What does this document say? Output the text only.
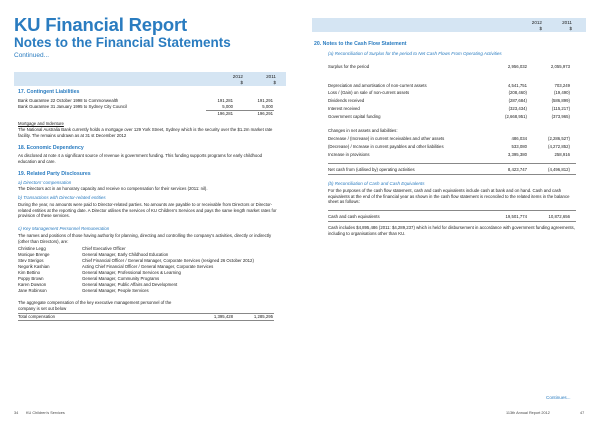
KU Financial Report
Notes to the Financial Statements
Continued...
2012	2011
$	$
17. Contingent Liabilities
Bank Guarantee 22 October 1998 to Commonwealth	191,281	191,291
Bank Guarantee 31 January 1995 to Sydney City Council	5,000	5,000
196,281	196,291
Mortgage and Indenture
The National Australia Bank currently holds a mortgage over 129 York Street, Sydney which is the security over the $1.2m market rate facility. The remains undrawn as at 31 st December 2012
18. Economic Dependency
As disclosed at note 4 a significant source of revenue is government funding. This funding supports programs for early childhood education and care.
19. Related Party Disclosures
a) Directors’ compensation
The Directors act in an honorary capacity and receive no compensation for their services (2011: nil).
b) Transactions with Director-related entities
During the year, no amounts were paid to Director-related parties. No amounts are payable to or receivable from Directors or Director-related entities at the reporting date. A Director utilises the services of KU Children’s Services and pays the same length market rates for provision of these services.
c) Key Management Personnel Remuneration
The names and positions of those having authority for planning, directing and controlling the company’s activities, directly or indirectly (other than Directors), are:
Christine Legg	Chief Executive Officer
Monique Brenge	General Manager, Early Childhood Education
Stev Sterigos	Chief Financial Officer / General Manager, Corporate Services (resigned 26 October 2012)
Negorik Kashian	Acting Chief Financial Officer / General Manager, Corporate Services
Kim Bettino	General Manager, Professional Services & Learning
Poppy Brown	General Manager, Community Programs
Karen Dowson	General Manager, Public Affairs and Development
Jane Robinson	General Manager, People Services
The aggregate compensation of the key executive management personnel of the company is set out below
Total compensation	1,395,428	1,285,295
34 KU Children’s Services
2012	2011
$	$
20. Notes to the Cash Flow Statement
(a) Reconciliation of Surplus for the period to Net Cash Flows From Operating Activities
Surplus for the period	2,956,032	2,055,973
Depreciation and amortisation of non-current assets	4,541,751	703,249
Loss / (Gain) on sale of non-current assets	(208,460)	(19,490)
Dividends received	(287,684)	(586,899)
Interest received	(323,434)	(115,217)
Government capital funding	(2,668,951)	(373,965)
Changes in net assets and liabilities:
Decrease / (Increase) in current receivables and other assets	486,034	(2,286,527)
(Decrease) / Increase in current payables and other liabilities	533,080	(4,272,852)
Increase in provisions	3,395,380	258,916
Net cash from (utilised by) operating activities	8,423,747	(4,496,812)
(b) Reconciliation of Cash and Cash Equivalents
For the purposes of the cash flow statement, cash and cash equivalents include cash at bank and on hand. Cash and cash equivalents at the end of the financial year as shown in the cash flow statement is reconciled to the related items in the balance sheet as follows:
Cash and cash equivalents	19,501,774	10,872,656
Cash includes $4,895,486 (2011: $4,289,237) which is held for disbursement in accordance with government funding agreements, including to organisations other than KU.
Continues...
113th Annual Report 2012	47
